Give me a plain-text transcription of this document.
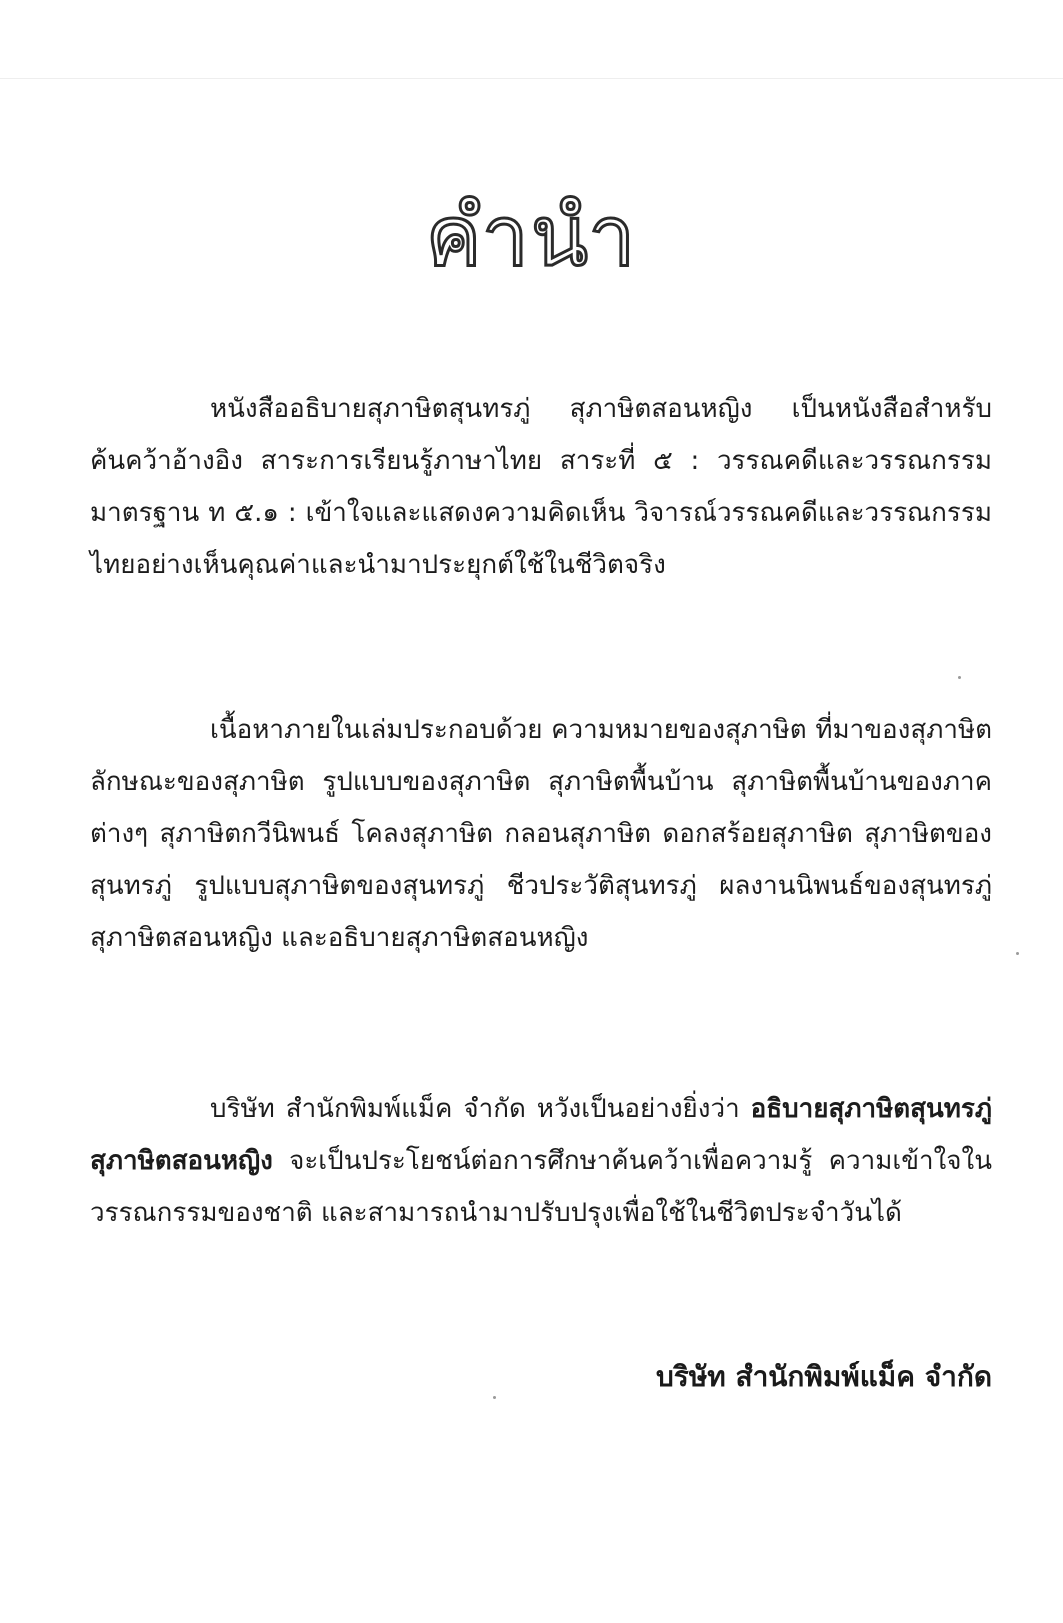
คำนำ

หนังสืออธิบายสุภาษิตสุนทรภู่ สุภาษิตสอนหญิง เป็นหนังสือสำหรับค้นคว้าอ้างอิง สาระการเรียนรู้ภาษาไทย สาระที่ ๕ : วรรณคดีและวรรณกรรม มาตรฐาน ท ๕.๑ : เข้าใจและแสดงความคิดเห็น วิจารณ์วรรณคดีและวรรณกรรมไทยอย่างเห็นคุณค่าและนำมาประยุกต์ใช้ในชีวิตจริง

เนื้อหาภายในเล่มประกอบด้วย ความหมายของสุภาษิต ที่มาของสุภาษิต ลักษณะของสุภาษิต รูปแบบของสุภาษิต สุภาษิตพื้นบ้าน สุภาษิตพื้นบ้านของภาคต่างๆ สุภาษิตกวีนิพนธ์ โคลงสุภาษิต กลอนสุภาษิต ดอกสร้อยสุภาษิต สุภาษิตของสุนทรภู่ รูปแบบสุภาษิตของสุนทรภู่ ชีวประวัติสุนทรภู่ ผลงานนิพนธ์ของสุนทรภู่ สุภาษิตสอนหญิง และอธิบายสุภาษิตสอนหญิง

บริษัท สำนักพิมพ์แม็ค จำกัด หวังเป็นอย่างยิ่งว่า อธิบายสุภาษิตสุนทรภู่ สุภาษิตสอนหญิง จะเป็นประโยชน์ต่อการศึกษาค้นคว้าเพื่อความรู้ ความเข้าใจในวรรณกรรมของชาติ และสามารถนำมาปรับปรุงเพื่อใช้ในชีวิตประจำวันได้

บริษัท สำนักพิมพ์แม็ค จำกัด
